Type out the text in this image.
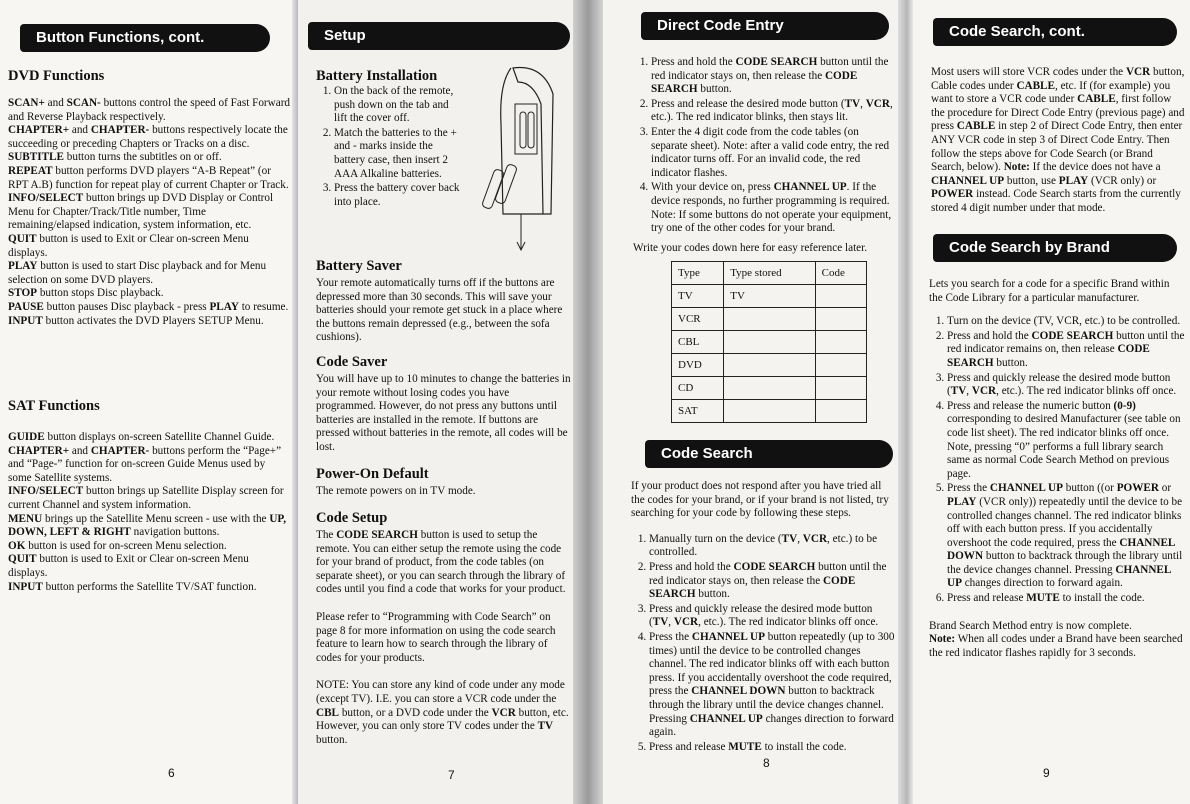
Button Functions, cont.

DVD Functions

SCAN+ and SCAN- buttons control the speed of Fast Forward and Reverse Playback respectively.

CHAPTER+ and CHAPTER- buttons respectively locate the succeeding or preceding Chapters or Tracks on a disc.

SUBTITLE button turns the subtitles on or off.

REPEAT button performs DVD players “A-B Repeat” (or RPT A.B) function for repeat play of current Chapter or Track.

INFO/SELECT button brings up DVD Display or Control Menu for Chapter/Track/Title number, Time remaining/elapsed indication, system information, etc.

QUIT button is used to Exit or Clear on-screen Menu displays.

PLAY button is used to start Disc playback and for Menu selection on some DVD players.

STOP button stops Disc playback.

PAUSE button pauses Disc playback - press PLAY to resume.

INPUT button activates the DVD Players SETUP Menu.

SAT Functions

GUIDE button displays on-screen Satellite Channel Guide.

CHAPTER+ and CHAPTER- buttons perform the “Page+” and “Page-” function for on-screen Guide Menus used by some Satellite systems.

INFO/SELECT button brings up Satellite Display screen for current Channel and system information.

MENU brings up the Satellite Menu screen - use with the UP, DOWN, LEFT & RIGHT navigation buttons.

OK button is used for on-screen Menu selection.

QUIT button is used to Exit or Clear on-screen Menu displays.

INPUT button performs the Satellite TV/SAT function.

6
Setup

Battery Installation

1. On the back of the remote, push down on the tab and lift the cover off.
2. Match the batteries to the + and - marks inside the battery case, then insert 2 AAA Alkaline batteries.
3. Press the battery cover back into place.

Battery Saver

Your remote automatically turns off if the buttons are depressed more than 30 seconds. This will save your batteries should your remote get stuck in a place where the buttons remain depressed (e.g., between the sofa cushions).

Code Saver

You will have up to 10 minutes to change the batteries in your remote without losing codes you have programmed. However, do not press any buttons until batteries are installed in the remote. If buttons are pressed without batteries in the remote, all codes will be lost.

Power-On Default

The remote powers on in TV mode.

Code Setup

The CODE SEARCH button is used to setup the remote. You can either setup the remote using the code for your brand of product, from the code tables (on separate sheet), or you can search through the library of codes until you find a code that works for your product.

Please refer to “Programming with Code Search” on page 8 for more information on using the code search feature to learn how to search through the library of codes for your products.

NOTE: You can store any kind of code under any mode (except TV). I.E. you can store a VCR code under the CBL button, or a DVD code under the VCR button, etc. However, you can only store TV codes under the TV button.

7
Direct Code Entry
1. Press and hold the CODE SEARCH button until the red indicator stays on, then release the CODE SEARCH button.
2. Press and release the desired mode button (TV, VCR, etc.). The red indicator blinks, then stays lit.
3. Enter the 4 digit code from the code tables (on separate sheet). Note: after a valid code entry, the red indicator turns off. For an invalid code, the red indicator flashes.
4. With your device on, press CHANNEL UP. If the device responds, no further programming is required. Note: If some buttons do not operate your equipment, try one of the other codes for your brand.

Write your codes down here for easy reference later.

Type	Type stored	Code
TV	TV	
VCR		
CBL		
DVD		
CD		
SAT		
Code Search

If your product does not respond after you have tried all the codes for your brand, or if your brand is not listed, try searching for your code by following these steps.

1. Manually turn on the device (TV, VCR, etc.) to be controlled.
2. Press and hold the CODE SEARCH button until the red indicator stays on, then release the CODE SEARCH button.
3. Press and quickly release the desired mode button (TV, VCR, etc.). The red indicator blinks off once.
4. Press the CHANNEL UP button repeatedly (up to 300 times) until the device to be controlled changes channel. The red indicator blinks off with each button press. If you accidentally overshoot the code required, press the CHANNEL DOWN button to backtrack through the library until the device changes channel. Pressing CHANNEL UP changes direction to forward again.
5. Press and release MUTE to install the code.
8
Code Search, cont.

Most users will store VCR codes under the VCR button, Cable codes under CABLE, etc. If (for example) you want to store a VCR code under CABLE, first follow the procedure for Direct Code Entry (previous page) and press CABLE in step 2 of Direct Code Entry, then enter ANY VCR code in step 3 of Direct Code Entry. Then follow the steps above for Code Search (or Brand Search, below). Note: If the device does not have a CHANNEL UP button, use PLAY (VCR only) or POWER instead. Code Search starts from the currently stored 4 digit number under that mode.

Code Search by Brand

Lets you search for a code for a specific Brand within the Code Library for a particular manufacturer.

1. Turn on the device (TV, VCR, etc.) to be controlled.
2. Press and hold the CODE SEARCH button until the red indicator remains on, then release CODE SEARCH button.
3. Press and quickly release the desired mode button (TV, VCR, etc.). The red indicator blinks off once.
4. Press and release the numeric button (0-9) corresponding to desired Manufacturer (see table on code list sheet). The red indicator blinks off once. Note, pressing “0” performs a full library search same as normal Code Search Method on previous page.
5. Press the CHANNEL UP button ((or POWER or PLAY (VCR only)) repeatedly until the device to be controlled changes channel. The red indicator blinks off with each button press. If you accidentally overshoot the code required, press the CHANNEL DOWN button to backtrack through the library until the device changes channel. Pressing CHANNEL UP changes direction to forward again.
6. Press and release MUTE to install the code.

Brand Search Method entry is now complete.

Note: When all codes under a Brand have been searched the red indicator flashes rapidly for 3 seconds.

9
